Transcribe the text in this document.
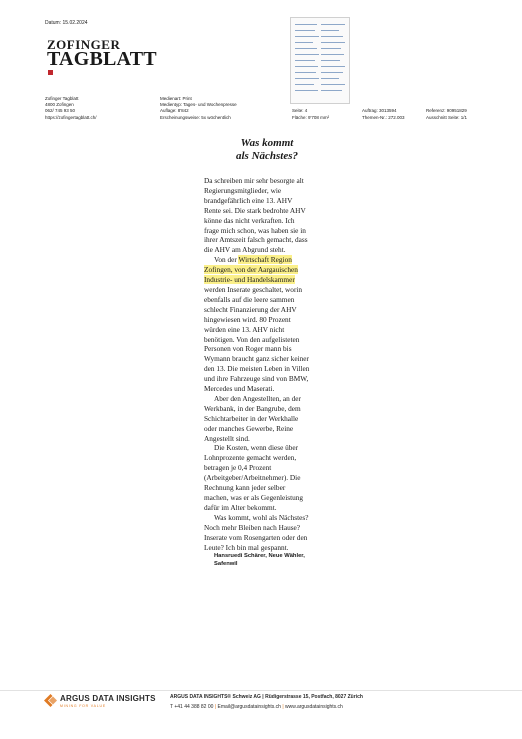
Datum: 15.02.2024
ZOFINGER
TAGBLATT
Zofinger Tagblatt
4800 Zofingen
062/ 745 93 50
https://zofingertagblatt.ch/
Medienart: Print
Medientyp: Tages- und Wochenpresse
Auflage: 8'842
Erscheinungsweise: 5x wöchentlich

Seite: 4
Fläche: 9'708 mm²

Auftrag: 3013594
Themen-Nr.: 272.003

Referenz: 90951829
Ausschnitt Seite: 1/1
Was kommt
als Nächstes?

Da schreiben mir sehr besorgte alt Regierungsmitglieder, wie brandgefährlich eine 13. AHV Rente sei. Die stark bedrohte AHV könne das nicht verkraften. Ich frage mich schon, was haben sie in ihrer Amtszeit falsch gemacht, dass die AHV am Abgrund steht.

Von der Wirtschaft Region Zofingen, von der Aargauischen Industrie- und Handelskammer werden Inserate geschaltet, worin ebenfalls auf die leere sammen schlecht Finanzierung der AHV hingewiesen wird. 80 Prozent würden eine 13. AHV nicht benötigen. Von den aufgelisteten Personen von Roger mann bis Wymann braucht ganz sicher keiner den 13. Die meisten Leben in Villen und ihre Fahrzeuge sind von BMW, Mercedes und Maserati.

Aber den Angestellten, an der Werkbank, in der Bangrube, dem Schichtarbeiter in der Werkhalle oder manches Gewerbe, Reine Angestellt sind.

Die Kosten, wenn diese über Lohnprozente gemacht werden, betragen je 0,4 Prozent (Arbeitgeber/Arbeitnehmer). Die Rechnung kann jeder selber machen, was er als Gegenleistung dafür im Alter bekommt.

Was kommt, wohl als Nächstes? Noch mehr Bleiben nach Hause? Inserate vom Rosengarten oder den Leute? Ich bin mal gespannt.

Hansruedi Schärer, Neue Wähler,

Safenwil

ARGUS DATA INSIGHTS
MINING FOR VALUE
ARGUS DATA INSIGHTS® Schweiz AG | Rüdigerstrasse 15, Postfach, 8027 Zürich
T +41 44 388 82 00 | Email@argusdatainsights.ch | www.argusdatainsights.ch
